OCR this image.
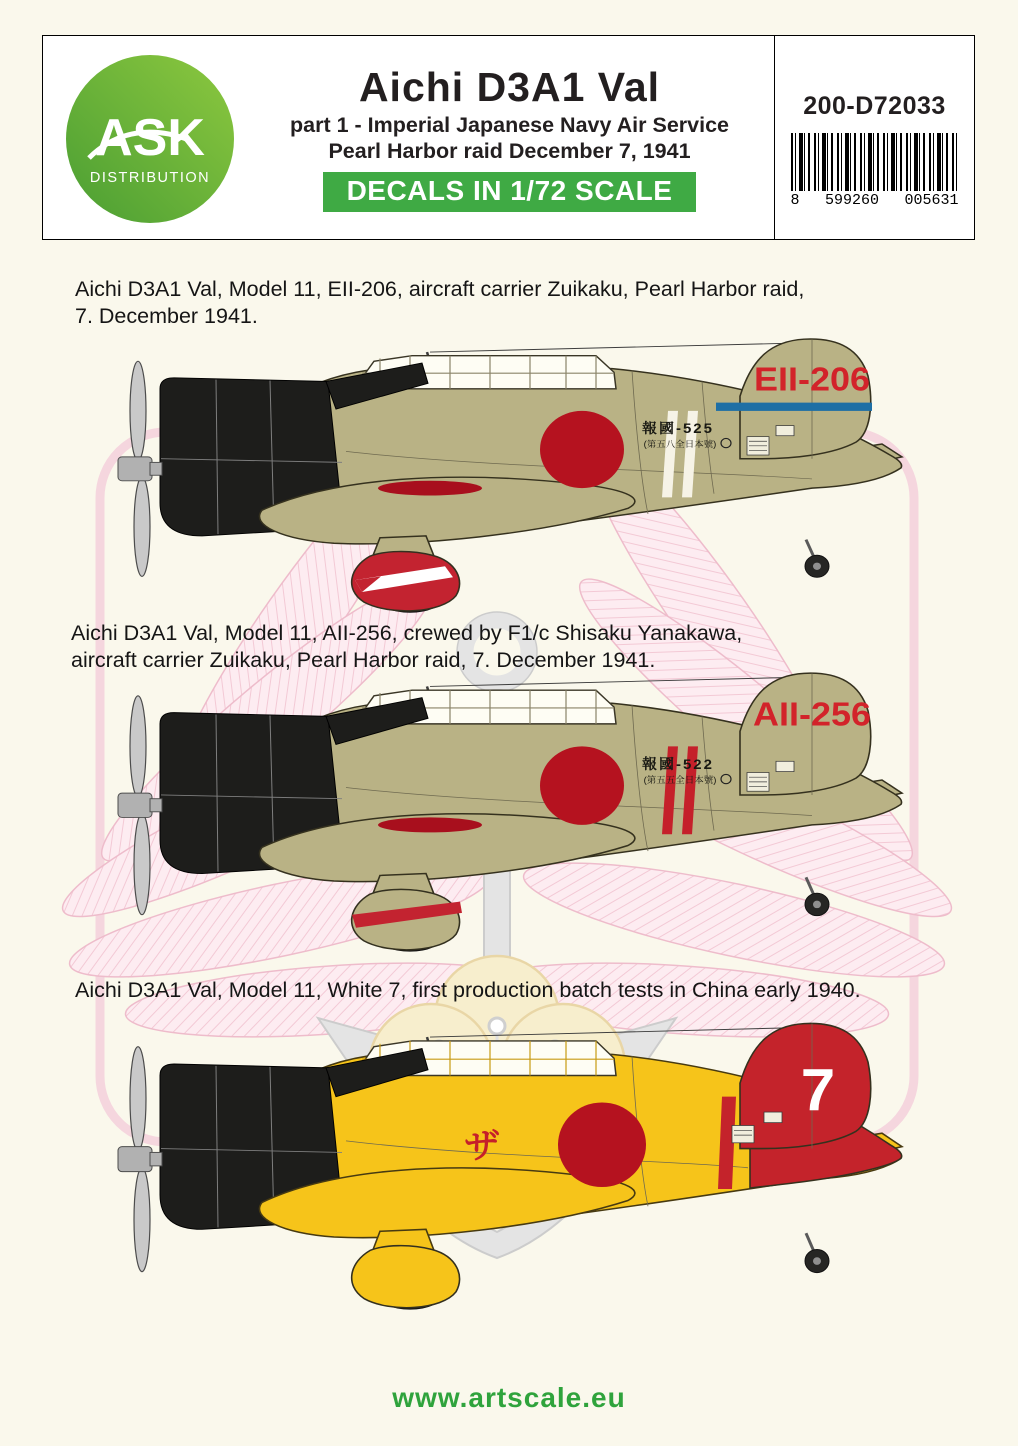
ASK
DISTRIBUTION
Aichi D3A1 Val
part 1 - Imperial Japanese Navy Air Service
Pearl Harbor raid December 7, 1941
DECALS IN 1/72 SCALE
200-D72033
8 599260 005631
Aichi D3A1 Val, Model 11, EII-206, aircraft carrier Zuikaku, Pearl Harbor raid,
7. December 1941.
Aichi D3A1 Val, Model 11, AII-256, crewed by F1/c Shisaku Yanakawa,
aircraft carrier Zuikaku, Pearl Harbor raid, 7. December 1941.
Aichi D3A1 Val, Model 11, White 7, first production batch tests in China early 1940.
EII-206
報國-525
(第五八全日本號)
AII-256
報國-522
(第五五全日本號)
7
ザ
www.artscale.eu
